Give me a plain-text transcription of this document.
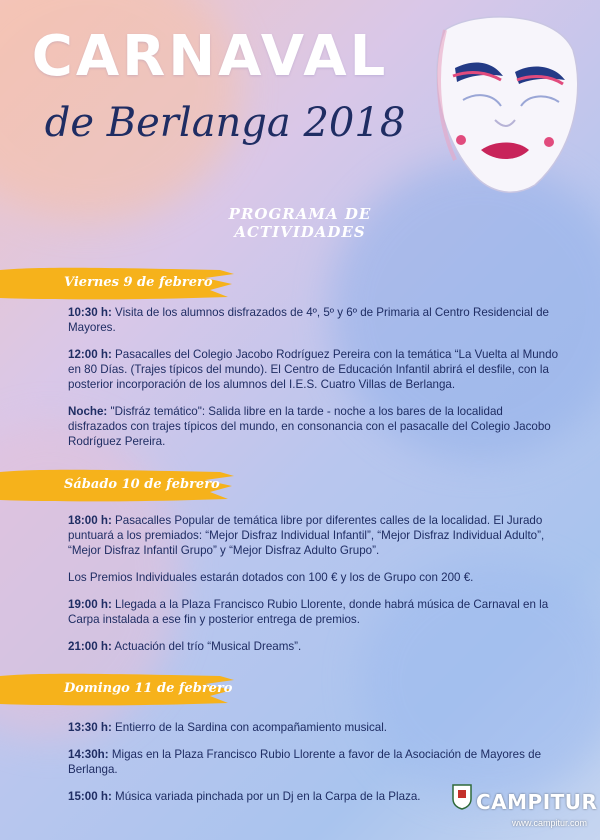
CARNAVAL
de Berlanga 2018
PROGRAMA DE ACTIVIDADES
Viernes 9 de febrero

10:30 h: Visita de los alumnos disfrazados de 4º, 5º y 6º de Primaria al Centro Residencial de Mayores.

12:00 h: Pasacalles del Colegio Jacobo Rodríguez Pereira con la temática “La Vuelta al Mundo en 80 Días. (Trajes típicos del mundo). El Centro de Educación Infantil abrirá el desfile, con la posterior incorporación de los alumnos del I.E.S. Cuatro Villas de Berlanga.

Noche: "Disfráz temático": Salida libre en la tarde - noche a los bares de la localidad disfrazados con trajes típicos del mundo, en consonancia con el pasacalle del Colegio Jacobo Rodríguez Pereira.

Sábado 10 de febrero

18:00 h: Pasacalles Popular de temática libre por diferentes calles de la localidad. El Jurado puntuará a los premiados: “Mejor Disfraz Individual Infantil”, “Mejor Disfraz Individual Adulto”, “Mejor Disfraz Infantil Grupo” y “Mejor Disfraz Adulto Grupo”.

Los Premios Individuales estarán dotados con 100 € y los de Grupo con 200 €.

19:00 h: Llegada a la Plaza Francisco Rubio Llorente, donde habrá música de Carnaval en la Carpa instalada a ese fin y posterior entrega de premios.

21:00 h: Actuación del trío “Musical Dreams”.

Domingo 11 de febrero

13:30 h: Entierro de la Sardina con acompañamiento musical.

14:30h: Migas en la Plaza Francisco Rubio Llorente a favor de la Asociación de Mayores de Berlanga.

15:00 h: Música variada pinchada por un Dj en la Carpa de la Plaza.	CAMPITUR
www.campitur.com
